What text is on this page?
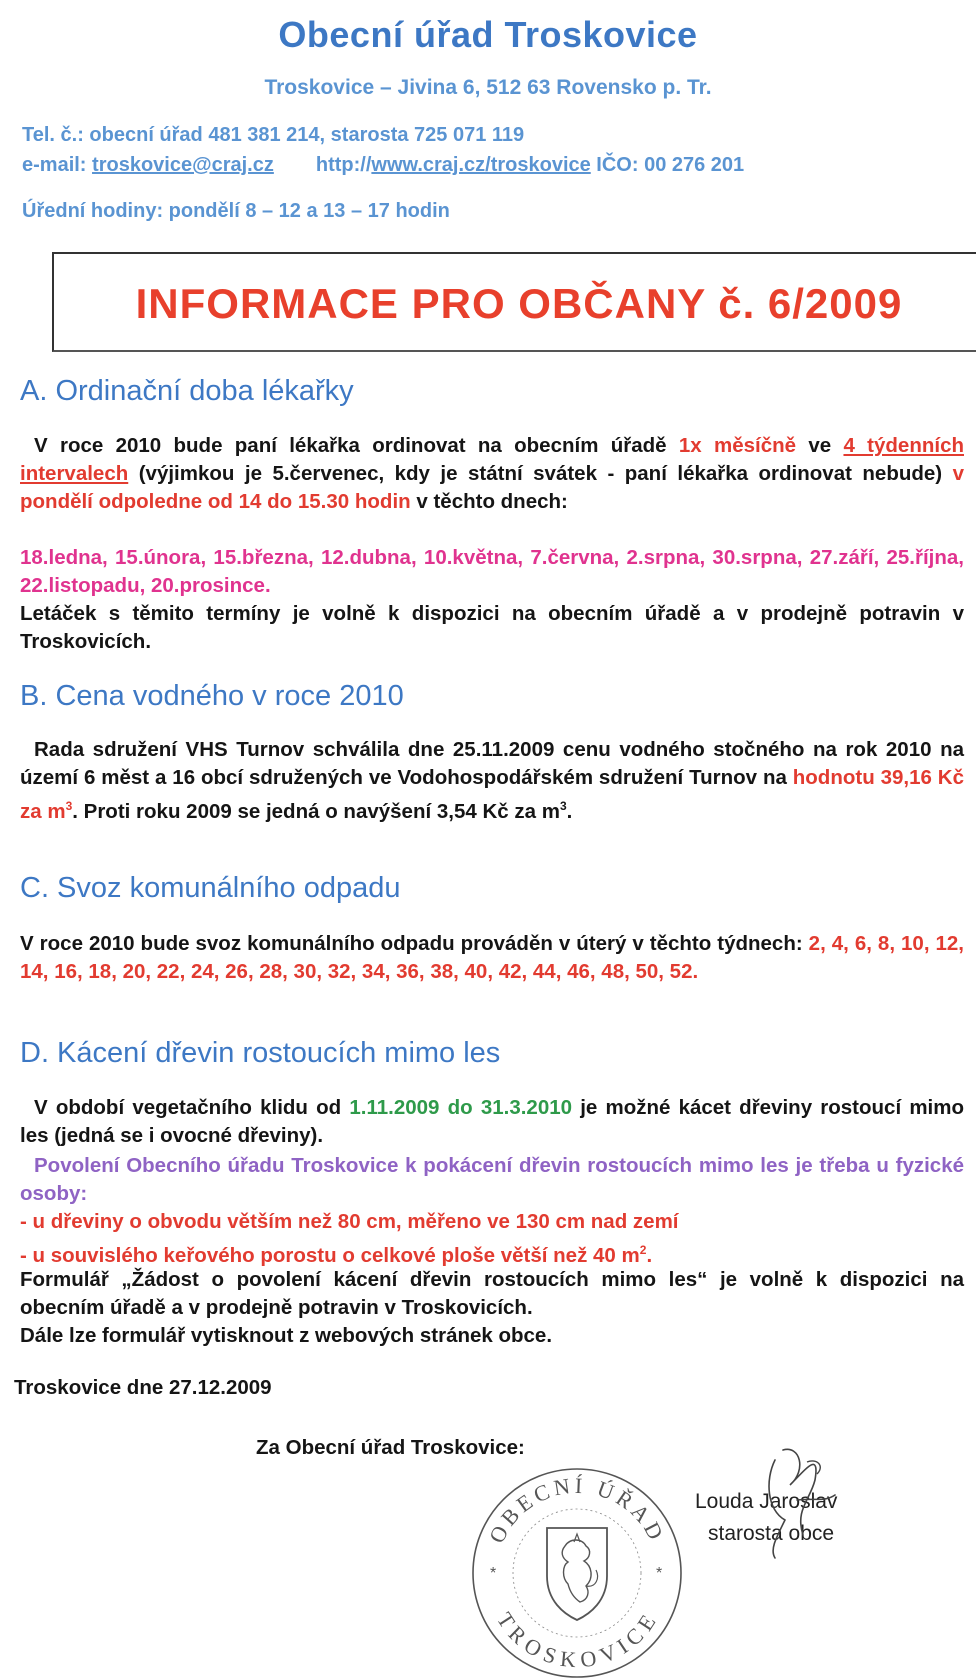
Obecní úřad Troskovice
Troskovice – Jivina 6, 512 63 Rovensko p. Tr.
Tel. č.: obecní úřad 481 381 214, starosta 725 071 119
e-mail: troskovice@craj.cz http://www.craj.cz/troskovice IČO: 00 276 201
Úřední hodiny: pondělí 8 – 12 a 13 – 17 hodin
INFORMACE PRO OBČANY č. 6/2009
A. Ordinační doba lékařky
V roce 2010 bude paní lékařka ordinovat na obecním úřadě 1x měsíčně ve 4 týdenních intervalech (výjimkou je 5.červenec, kdy je státní svátek - paní lékařka ordinovat nebude) v pondělí odpoledne od 14 do 15.30 hodin v těchto dnech:
18.ledna, 15.února, 15.března, 12.dubna, 10.května, 7.června, 2.srpna, 30.srpna, 27.září, 25.října, 22.listopadu, 20.prosince.
Letáček s těmito termíny je volně k dispozici na obecním úřadě a v prodejně potravin v Troskovicích.
B. Cena vodného v roce 2010
Rada sdružení VHS Turnov schválila dne 25.11.2009 cenu vodného stočného na rok 2010 na území 6 měst a 16 obcí sdružených ve Vodohospodářském sdružení Turnov na hodnotu 39,16 Kč za $m^3$. Proti roku 2009 se jedná o navýšení 3,54 Kč za $m^3$.
C. Svoz komunálního odpadu
V roce 2010 bude svoz komunálního odpadu prováděn v úterý v těchto týdnech: 2, 4, 6, 8, 10, 12, 14, 16, 18, 20, 22, 24, 26, 28, 30, 32, 34, 36, 38, 40, 42, 44, 46, 48, 50, 52.
D. Kácení dřevin rostoucích mimo les
V období vegetačního klidu od 1.11.2009 do 31.3.2010 je možné kácet dřeviny rostoucí mimo les (jedná se i ovocné dřeviny).
Povolení Obecního úřadu Troskovice k pokácení dřevin rostoucích mimo les je třeba u fyzické osoby:
- u dřeviny o obvodu větším než 80 cm, měřeno ve 130 cm nad zemí
- u souvislého keřového porostu o celkové ploše větší než 40 $m^2$.
Formulář „Žádost o povolení kácení dřevin rostoucích mimo les“ je volně k dispozici na obecním úřadě a v prodejně potravin v Troskovicích.
Dále lze formulář vytisknout z webových stránek obce.
Troskovice dne 27.12.2009
Za Obecní úřad Troskovice:
Louda Jaroslav
starosta obce
OBECNÍ ÚŘAD
TROSKOVICE
*	*
